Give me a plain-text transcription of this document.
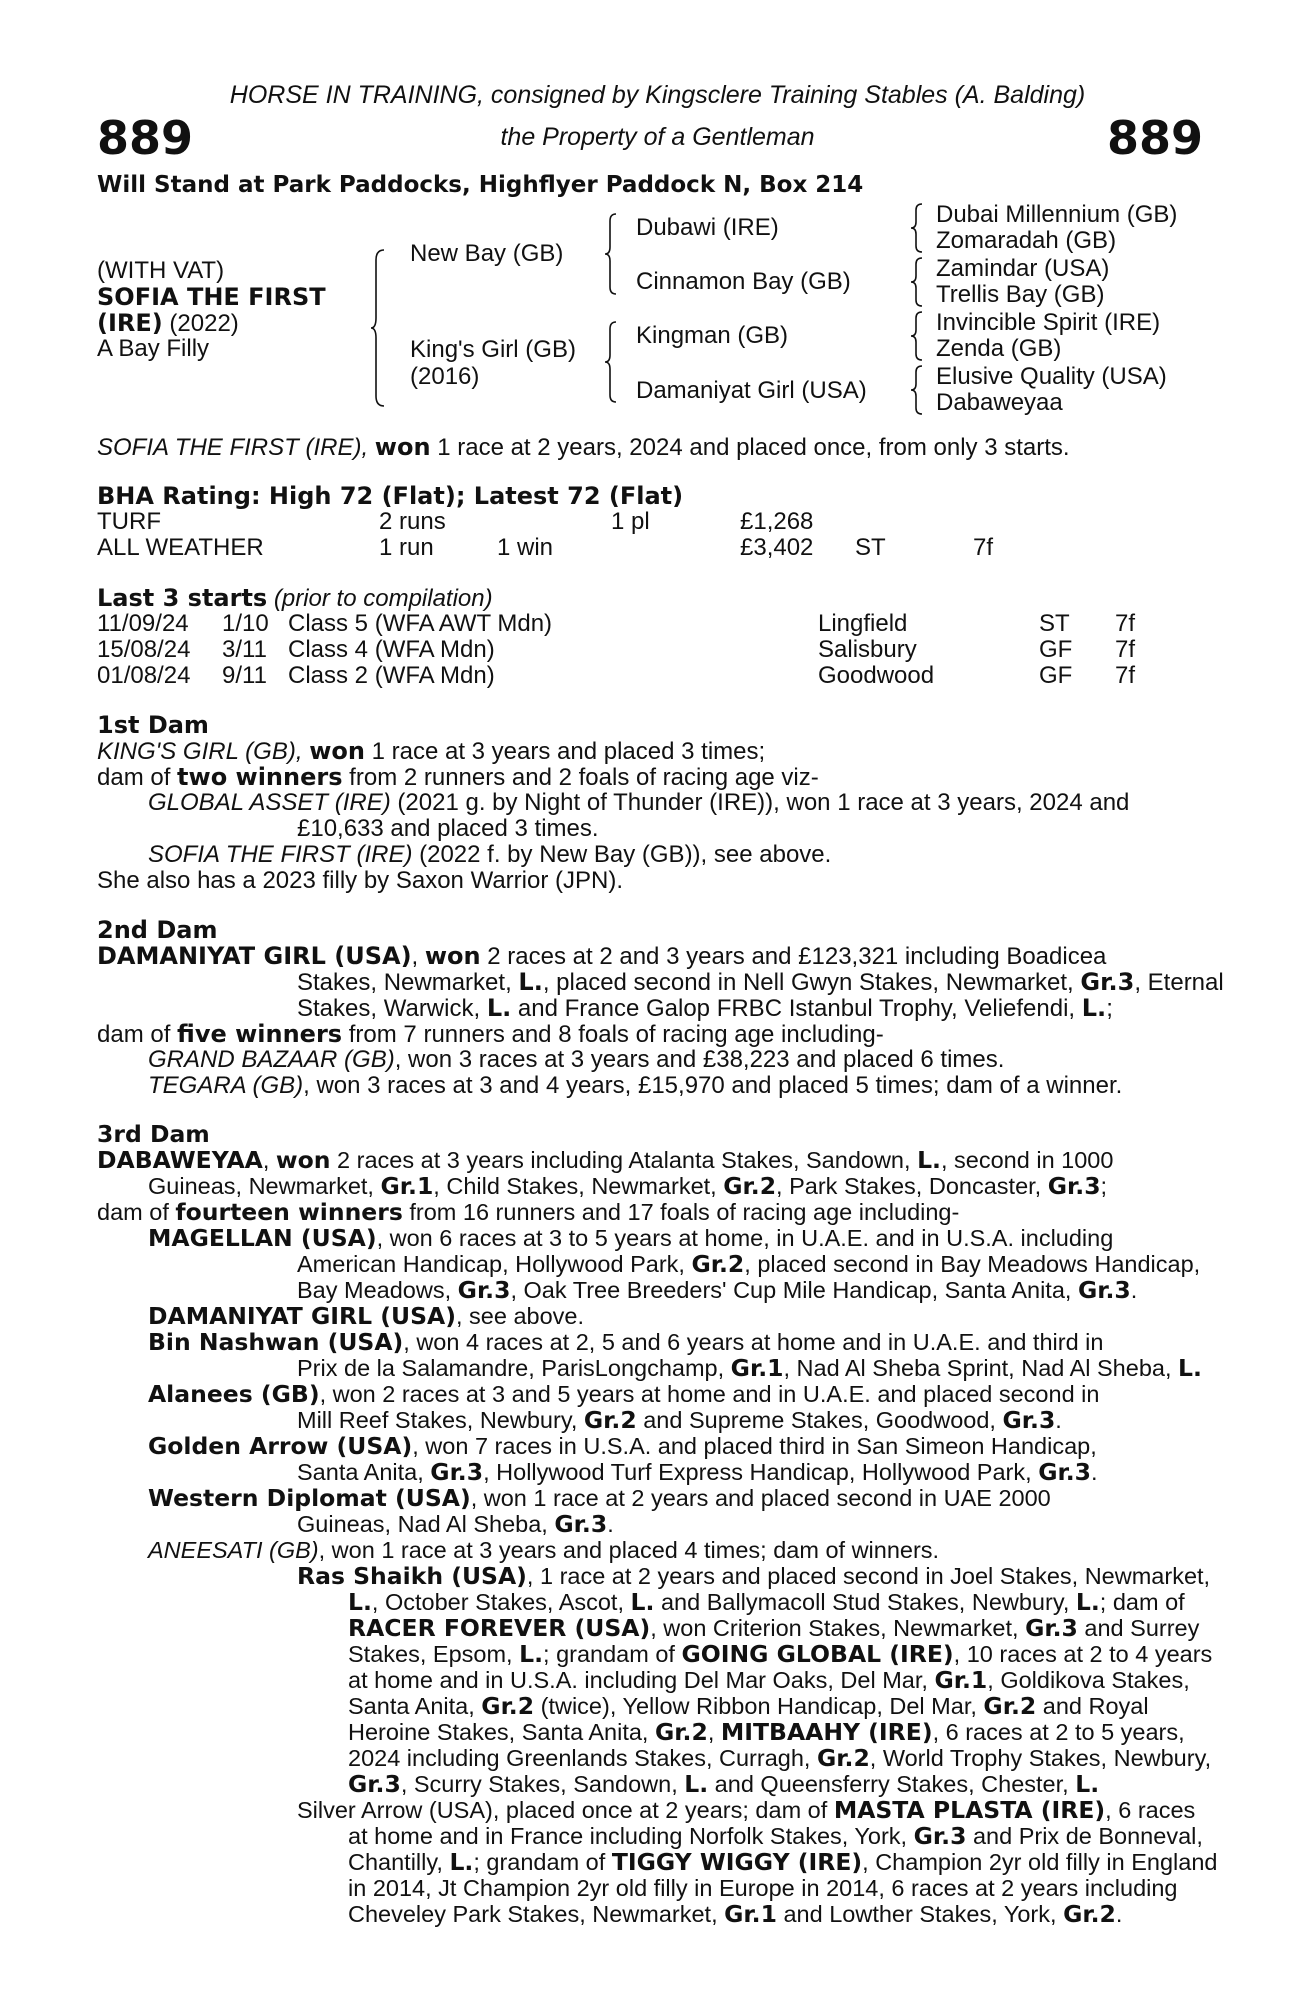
HORSE IN TRAINING, consigned by Kingsclere Training Stables (A. Balding)
889	the Property of a Gentleman	889
Will Stand at Park Paddocks, Highflyer Paddock N, Box 214
(WITH VAT)
SOFIA THE FIRST
(IRE) (2022)
A Bay Filly
New Bay (GB)
King's Girl (GB)
(2016)
Dubawi (IRE)
Cinnamon Bay (GB)
Kingman (GB)
Damaniyat Girl (USA)
Dubai Millennium (GB)
Zomaradah (GB)
Zamindar (USA)
Trellis Bay (GB)
Invincible Spirit (IRE)
Zenda (GB)
Elusive Quality (USA)
Dabaweyaa
SOFIA THE FIRST (IRE), won 1 race at 2 years, 2024 and placed once, from only 3 starts.
BHA Rating: High 72 (Flat); Latest 72 (Flat)
TURF	2 runs	1 pl	£1,268
ALL WEATHER	1 run	1 win	£3,402 ST	7f
Last 3 starts (prior to compilation)
11/09/24 1/10 Class 5 (WFA AWT Mdn)	Lingfield	ST 7f
15/08/24 3/11 Class 4 (WFA Mdn)	Salisbury	GF 7f
01/08/24 9/11 Class 2 (WFA Mdn)	Goodwood	GF 7f
1st Dam
KING'S GIRL (GB), won 1 race at 3 years and placed 3 times;
dam of two winners from 2 runners and 2 foals of racing age viz-
GLOBAL ASSET (IRE) (2021 g. by Night of Thunder (IRE)), won 1 race at 3 years, 2024 and
£10,633 and placed 3 times.
SOFIA THE FIRST (IRE) (2022 f. by New Bay (GB)), see above.
She also has a 2023 filly by Saxon Warrior (JPN).
2nd Dam
DAMANIYAT GIRL (USA), won 2 races at 2 and 3 years and £123,321 including Boadicea
Stakes, Newmarket, L., placed second in Nell Gwyn Stakes, Newmarket, Gr.3, Eternal
Stakes, Warwick, L. and France Galop FRBC Istanbul Trophy, Veliefendi, L.;
dam of five winners from 7 runners and 8 foals of racing age including-
GRAND BAZAAR (GB), won 3 races at 3 years and £38,223 and placed 6 times.
TEGARA (GB), won 3 races at 3 and 4 years, £15,970 and placed 5 times; dam of a winner.
3rd Dam
DABAWEYAA, won 2 races at 3 years including Atalanta Stakes, Sandown, L., second in 1000
Guineas, Newmarket, Gr.1, Child Stakes, Newmarket, Gr.2, Park Stakes, Doncaster, Gr.3;
dam of fourteen winners from 16 runners and 17 foals of racing age including-
MAGELLAN (USA), won 6 races at 3 to 5 years at home, in U.A.E. and in U.S.A. including
American Handicap, Hollywood Park, Gr.2, placed second in Bay Meadows Handicap,
Bay Meadows, Gr.3, Oak Tree Breeders' Cup Mile Handicap, Santa Anita, Gr.3.
DAMANIYAT GIRL (USA), see above.
Bin Nashwan (USA), won 4 races at 2, 5 and 6 years at home and in U.A.E. and third in
Prix de la Salamandre, ParisLongchamp, Gr.1, Nad Al Sheba Sprint, Nad Al Sheba, L.
Alanees (GB), won 2 races at 3 and 5 years at home and in U.A.E. and placed second in
Mill Reef Stakes, Newbury, Gr.2 and Supreme Stakes, Goodwood, Gr.3.
Golden Arrow (USA), won 7 races in U.S.A. and placed third in San Simeon Handicap,
Santa Anita, Gr.3, Hollywood Turf Express Handicap, Hollywood Park, Gr.3.
Western Diplomat (USA), won 1 race at 2 years and placed second in UAE 2000
Guineas, Nad Al Sheba, Gr.3.
ANEESATI (GB), won 1 race at 3 years and placed 4 times; dam of winners.
Ras Shaikh (USA), 1 race at 2 years and placed second in Joel Stakes, Newmarket,
L., October Stakes, Ascot, L. and Ballymacoll Stud Stakes, Newbury, L.; dam of
RACER FOREVER (USA), won Criterion Stakes, Newmarket, Gr.3 and Surrey
Stakes, Epsom, L.; grandam of GOING GLOBAL (IRE), 10 races at 2 to 4 years
at home and in U.S.A. including Del Mar Oaks, Del Mar, Gr.1, Goldikova Stakes,
Santa Anita, Gr.2 (twice), Yellow Ribbon Handicap, Del Mar, Gr.2 and Royal
Heroine Stakes, Santa Anita, Gr.2, MITBAAHY (IRE), 6 races at 2 to 5 years,
2024 including Greenlands Stakes, Curragh, Gr.2, World Trophy Stakes, Newbury,
Gr.3, Scurry Stakes, Sandown, L. and Queensferry Stakes, Chester, L.
Silver Arrow (USA), placed once at 2 years; dam of MASTA PLASTA (IRE), 6 races
at home and in France including Norfolk Stakes, York, Gr.3 and Prix de Bonneval,
Chantilly, L.; grandam of TIGGY WIGGY (IRE), Champion 2yr old filly in England
in 2014, Jt Champion 2yr old filly in Europe in 2014, 6 races at 2 years including
Cheveley Park Stakes, Newmarket, Gr.1 and Lowther Stakes, York, Gr.2.
